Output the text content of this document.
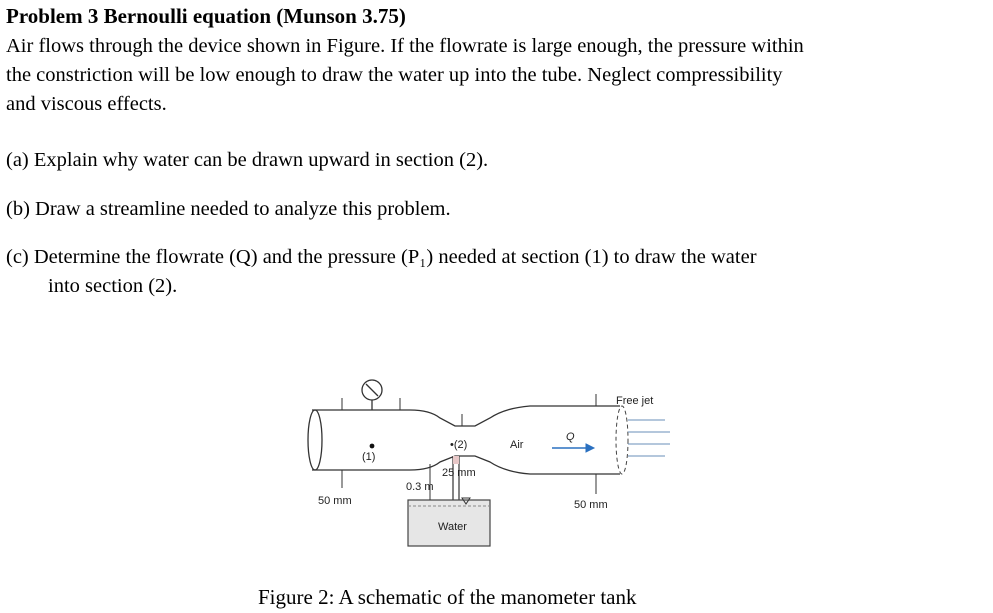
Problem 3 Bernoulli equation (Munson 3.75)
Air flows through the device shown in Figure. If the flowrate is large enough, the pressure within
the constriction will be low enough to draw the water up into the tube. Neglect compressibility
and viscous effects.
(a) Explain why water can be drawn upward in section (2).
(b) Draw a streamline needed to analyze this problem.
(c) Determine the flowrate (Q) and the pressure (P₁) needed at section (1) to draw the water
into section (2).
25 mm
Free jet
•(2)	Air
Q
(1)
0.3 m
50 mm	50 mm
Water
Figure 2: A schematic of the manometer tank
